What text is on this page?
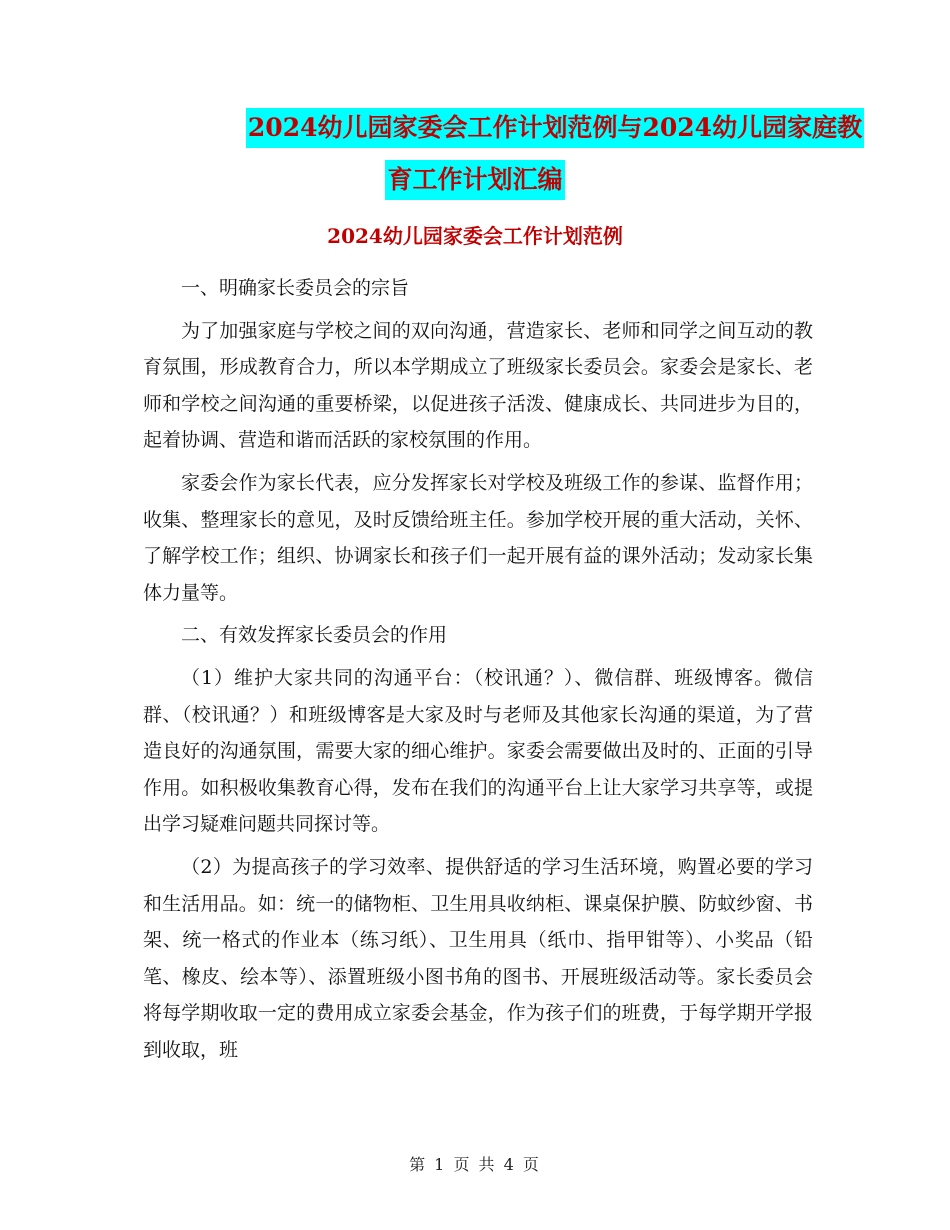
2024幼儿园家委会工作计划范例与2024幼儿园家庭教
育工作计划汇编
2024幼儿园家委会工作计划范例

一、明确家长委员会的宗旨

为了加强家庭与学校之间的双向沟通，营造家长、老师和同学之间互动的教育氛围，形成教育合力，所以本学期成立了班级家长委员会。家委会是家长、老师和学校之间沟通的重要桥梁，以促进孩子活泼、健康成长、共同进步为目的，起着协调、营造和谐而活跃的家校氛围的作用。

家委会作为家长代表，应分发挥家长对学校及班级工作的参谋、监督作用；收集、整理家长的意见，及时反馈给班主任。参加学校开展的重大活动，关怀、了解学校工作；组织、协调家长和孩子们一起开展有益的课外活动；发动家长集体力量等。

二、有效发挥家长委员会的作用

（1）维护大家共同的沟通平台：（校讯通？）、微信群、班级博客。微信群、（校讯通？）和班级博客是大家及时与老师及其他家长沟通的渠道，为了营造良好的沟通氛围，需要大家的细心维护。家委会需要做出及时的、正面的引导作用。如积极收集教育心得，发布在我们的沟通平台上让大家学习共享等，或提出学习疑难问题共同探讨等。

（2）为提高孩子的学习效率、提供舒适的学习生活环境，购置必要的学习和生活用品。如：统一的储物柜、卫生用具收纳柜、课桌保护膜、防蚊纱窗、书架、统一格式的作业本（练习纸）、卫生用具（纸巾、指甲钳等）、小奖品（铅笔、橡皮、绘本等）、添置班级小图书角的图书、开展班级活动等。家长委员会将每学期收取一定的费用成立家委会基金，作为孩子们的班费，于每学期开学报到收取，班

第 1 页 共 4 页
